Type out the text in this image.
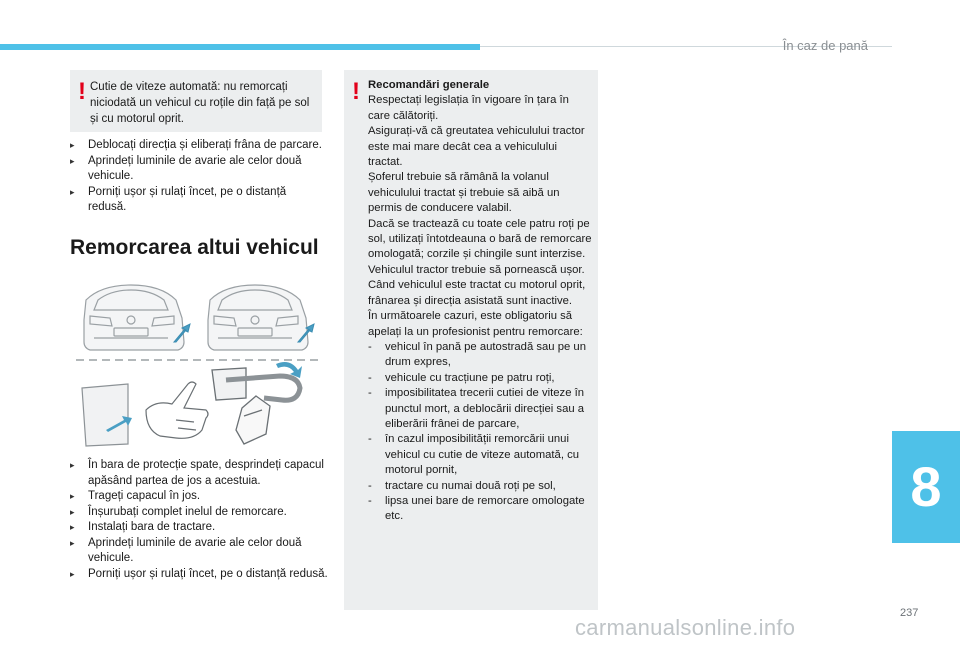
În caz de pană
! Cutie de viteze automată: nu remorcați niciodată un vehicul cu roțile din față pe sol și cu motorul oprit.
▸ Deblocați direcția și eliberați frâna de parcare.
▸ Aprindeți luminile de avarie ale celor două vehicule.
▸ Porniți ușor și rulați încet, pe o distanță redusă.
Remorcarea altui vehicul
▸ În bara de protecție spate, desprindeți capacul apăsând partea de jos a acestuia.
▸ Trageți capacul în jos.
▸ Înșurubați complet inelul de remorcare.
▸ Instalați bara de tractare.
▸ Aprindeți luminile de avarie ale celor două vehicule.
▸ Porniți ușor și rulați încet, pe o distanță redusă.
! Recomandări generale
Respectați legislația în vigoare în țara în care călătoriți.
Asigurați-vă că greutatea vehiculului tractor este mai mare decât cea a vehiculului tractat.
Șoferul trebuie să rămână la volanul vehiculului tractat și trebuie să aibă un permis de conducere valabil.
Dacă se tractează cu toate cele patru roți pe sol, utilizați întotdeauna o bară de remorcare omologată; corzile și chingile sunt interzise.
Vehiculul tractor trebuie să pornească ușor.
Când vehiculul este tractat cu motorul oprit, frânarea și direcția asistată sunt inactive.
În următoarele cazuri, este obligatoriu să apelați la un profesionist pentru remorcare:
- vehicul în pană pe autostradă sau pe un drum expres,
- vehicule cu tracțiune pe patru roți,
- imposibilitatea trecerii cutiei de viteze în punctul mort, a deblocării direcției sau a eliberării frânei de parcare,
- în cazul imposibilității remorcării unui vehicul cu cutie de viteze automată, cu motorul pornit,
- tractare cu numai două roți pe sol,
- lipsa unei bare de remorcare omologate etc.	8
237
carmanualsonline.info
